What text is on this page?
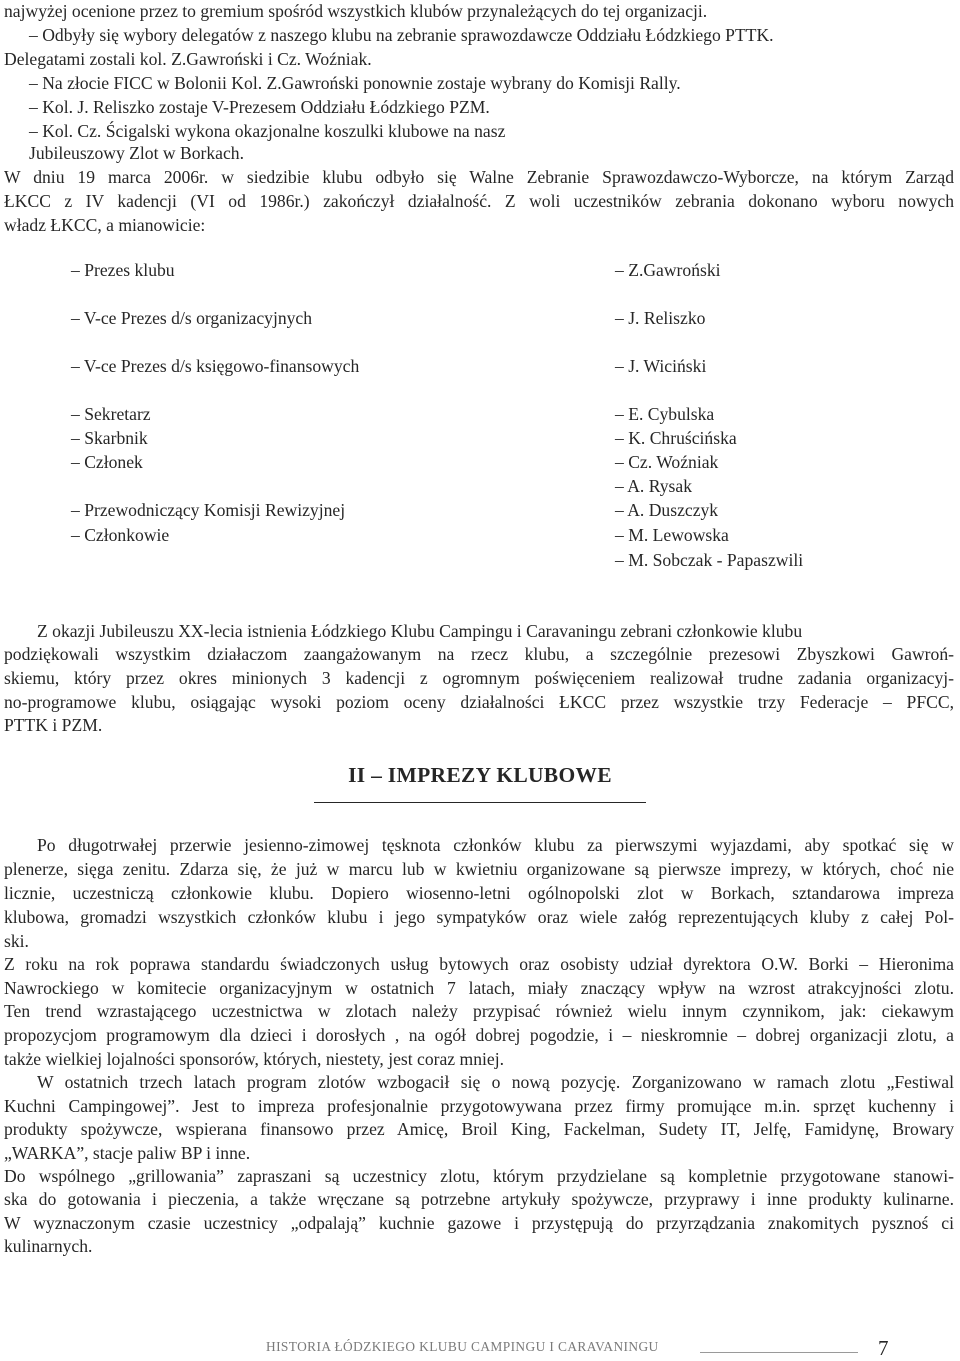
najwyżej ocenione przez to gremium spośród wszystkich klubów przynależących do tej organizacji.
– Odbyły się wybory delegatów z naszego klubu na zebranie sprawozdawcze Oddziału Łódzkiego PTTK.
Delegatami zostali kol. Z.Gawroński i Cz. Woźniak.
– Na złocie FICC w Bolonii Kol. Z.Gawroński ponownie zostaje wybrany do Komisji Rally.
– Kol. J. Reliszko zostaje V-Prezesem Oddziału Łódzkiego PZM.
– Kol. Cz. Ścigalski wykona okazjonalne koszulki klubowe na nasz
Jubileuszowy Zlot w Borkach.
W dniu 19 marca 2006r. w siedzibie klubu odbyło się Walne Zebranie Sprawozdawczo-Wyborcze, na którym Zarząd
ŁKCC z IV kadencji (VI od 1986r.) zakończył działalność. Z woli uczestników zebrania dokonano wyboru nowych
władz ŁKCC, a mianowicie:
– Prezes klubu
– V-ce Prezes d/s organizacyjnych
– V-ce Prezes d/s księgowo-finansowych
– Sekretarz
– Skarbnik
– Członek
– Przewodniczący Komisji Rewizyjnej
– Członkowie
– Z.Gawroński
– J. Reliszko
– J. Wiciński
– E. Cybulska
– K. Chruścińska
– Cz. Woźniak
– A. Rysak
– A. Duszczyk
– M. Lewowska
– M. Sobczak - Papaszwili
Z okazji Jubileuszu XX-lecia istnienia Łódzkiego Klubu Campingu i Caravaningu zebrani członkowie klubu
podziękowali wszystkim działaczom zaangażowanym na rzecz klubu, a szczególnie prezesowi Zbyszkowi Gawroń-
skiemu, który przez okres minionych 3 kadencji z ogromnym poświęceniem realizował trudne zadania organizacyj-
no-programowe klubu, osiągając wysoki poziom oceny działalności ŁKCC przez wszystkie trzy Federacje – PFCC,
PTTK i PZM.
II – IMPREZY KLUBOWE
Po długotrwałej przerwie jesienno-zimowej tęsknota członków klubu za pierwszymi wyjazdami, aby spotkać się w
plenerze, sięga zenitu. Zdarza się, że już w marcu lub w kwietniu organizowane są pierwsze imprezy, w których, choć nie
licznie, uczestniczą członkowie klubu. Dopiero wiosenno-letni ogólnopolski zlot w Borkach, sztandarowa impreza
klubowa, gromadzi wszystkich członków klubu i jego sympatyków oraz wiele załóg reprezentujących kluby z całej Pol-
ski.
Z roku na rok poprawa standardu świadczonych usług bytowych oraz osobisty udział dyrektora O.W. Borki – Hieronima
Nawrockiego w komitecie organizacyjnym w ostatnich 7 latach, miały znaczący wpływ na wzrost atrakcyjności zlotu.
Ten trend wzrastającego uczestnictwa w zlotach należy przypisać również wielu innym czynnikom, jak: ciekawym
propozycjom programowym dla dzieci i dorosłych , na ogół dobrej pogodzie, i – nieskromnie – dobrej organizacji zlotu, a
także wielkiej lojalności sponsorów, których, niestety, jest coraz mniej.
W ostatnich trzech latach program zlotów wzbogacił się o nową pozycję. Zorganizowano w ramach zlotu „Festiwal
Kuchni Campingowej”. Jest to impreza profesjonalnie przygotowywana przez firmy promujące m.in. sprzęt kuchenny i
produkty spożywcze, wspierana finansowo przez Amicę, Broil King, Fackelman, Sudety IT, Jelfę, Famidynę, Browary
„WARKA”, stacje paliw BP i inne.
Do wspólnego „grillowania” zapraszani są uczestnicy zlotu, którym przydzielane są kompletnie przygotowane stanowi-
ska do gotowania i pieczenia, a także wręczane są potrzebne artykuły spożywcze, przyprawy i inne produkty kulinarne.
W wyznaczonym czasie uczestnicy „odpalają” kuchnie gazowe i przystępują do przyrządzania znakomitych pysznoś ci
kulinarnych.
HISTORIA ŁÓDZKIEGO KLUBU CAMPINGU I CARAVANINGU	7
